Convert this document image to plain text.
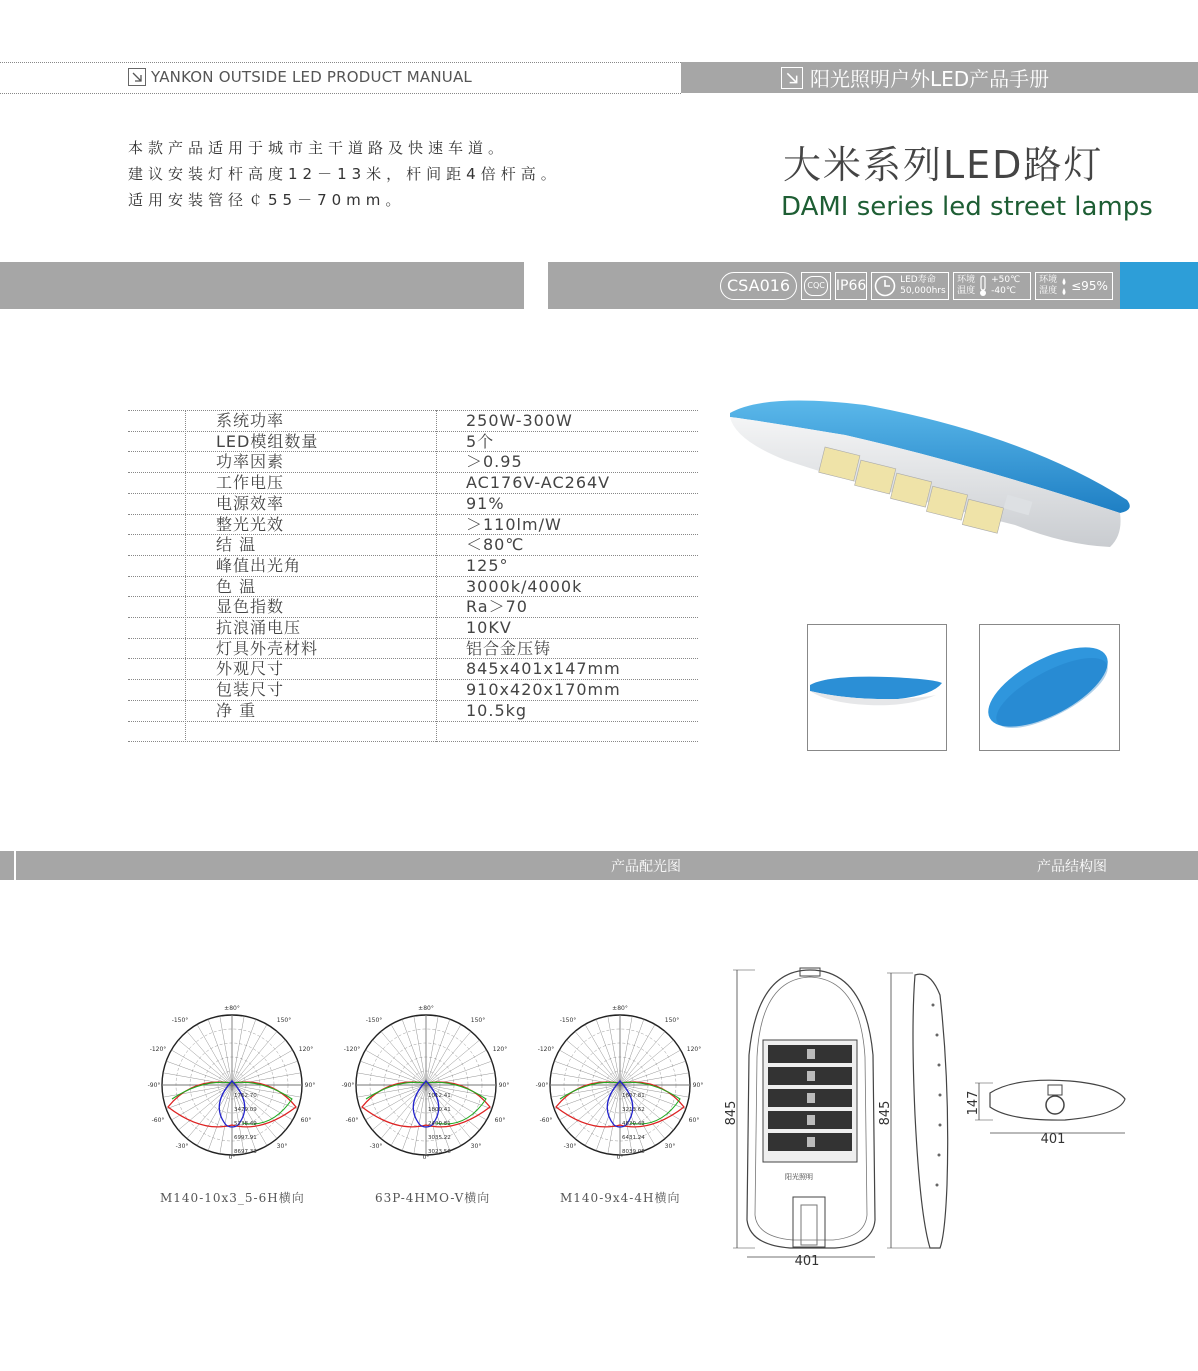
YANKON OUTSIDE LED PRODUCT MANUAL	阳光照明户外LED产品手册
本款产品适用于城市主干道路及快速车道。
建议安装灯杆高度12－13米，杆间距4倍杆高。
适用安装管径￠55－70mm。
大米系列LED路灯
DAMI series led street lamps
CSA016	CQC IP66	LED寿命
50,000hrs
环境
温度
+50℃
-40℃
环境
湿度 ≤95%
系统功率	250W-300W
LED模组数量	5个
功率因素	＞0.95
工作电压	AC176V-AC264V
电源效率	91%
整光光效	＞110lm/W
结 温	＜80℃
峰值出光角	125°
色 温	3000k/4000k
显色指数	Ra＞70
抗浪涌电压	10KV
灯具外壳材料	铝合金压铸
外观尺寸	845x401x147mm
包装尺寸	910x420x170mm
净 重	10.5kg
产品配光图	产品结构图
±80°
-150°	150°
-120°	120°
-90°	90°
-60°	60°
-30°	30°
0°
1762.70
3479.09
5238.49
6997.91
8697.33
±80°
-150°	150°
-120°	120°
-90°	90°
-60°	60°
-30°	30°
0°
1012.41
1800.41
2400.81
3035.22
3023.56
±80°
-150°	150°
-120°	120°
-90°	90°
-60°	60°
-30°	30°
0°
1607.81
3213.62
4820.43
6431.24
8039.05
M140-10x3_5-6H横向	63P-4HMO-V横向	M140-9x4-4H横向
阳光照明
845
401
845	147
401
